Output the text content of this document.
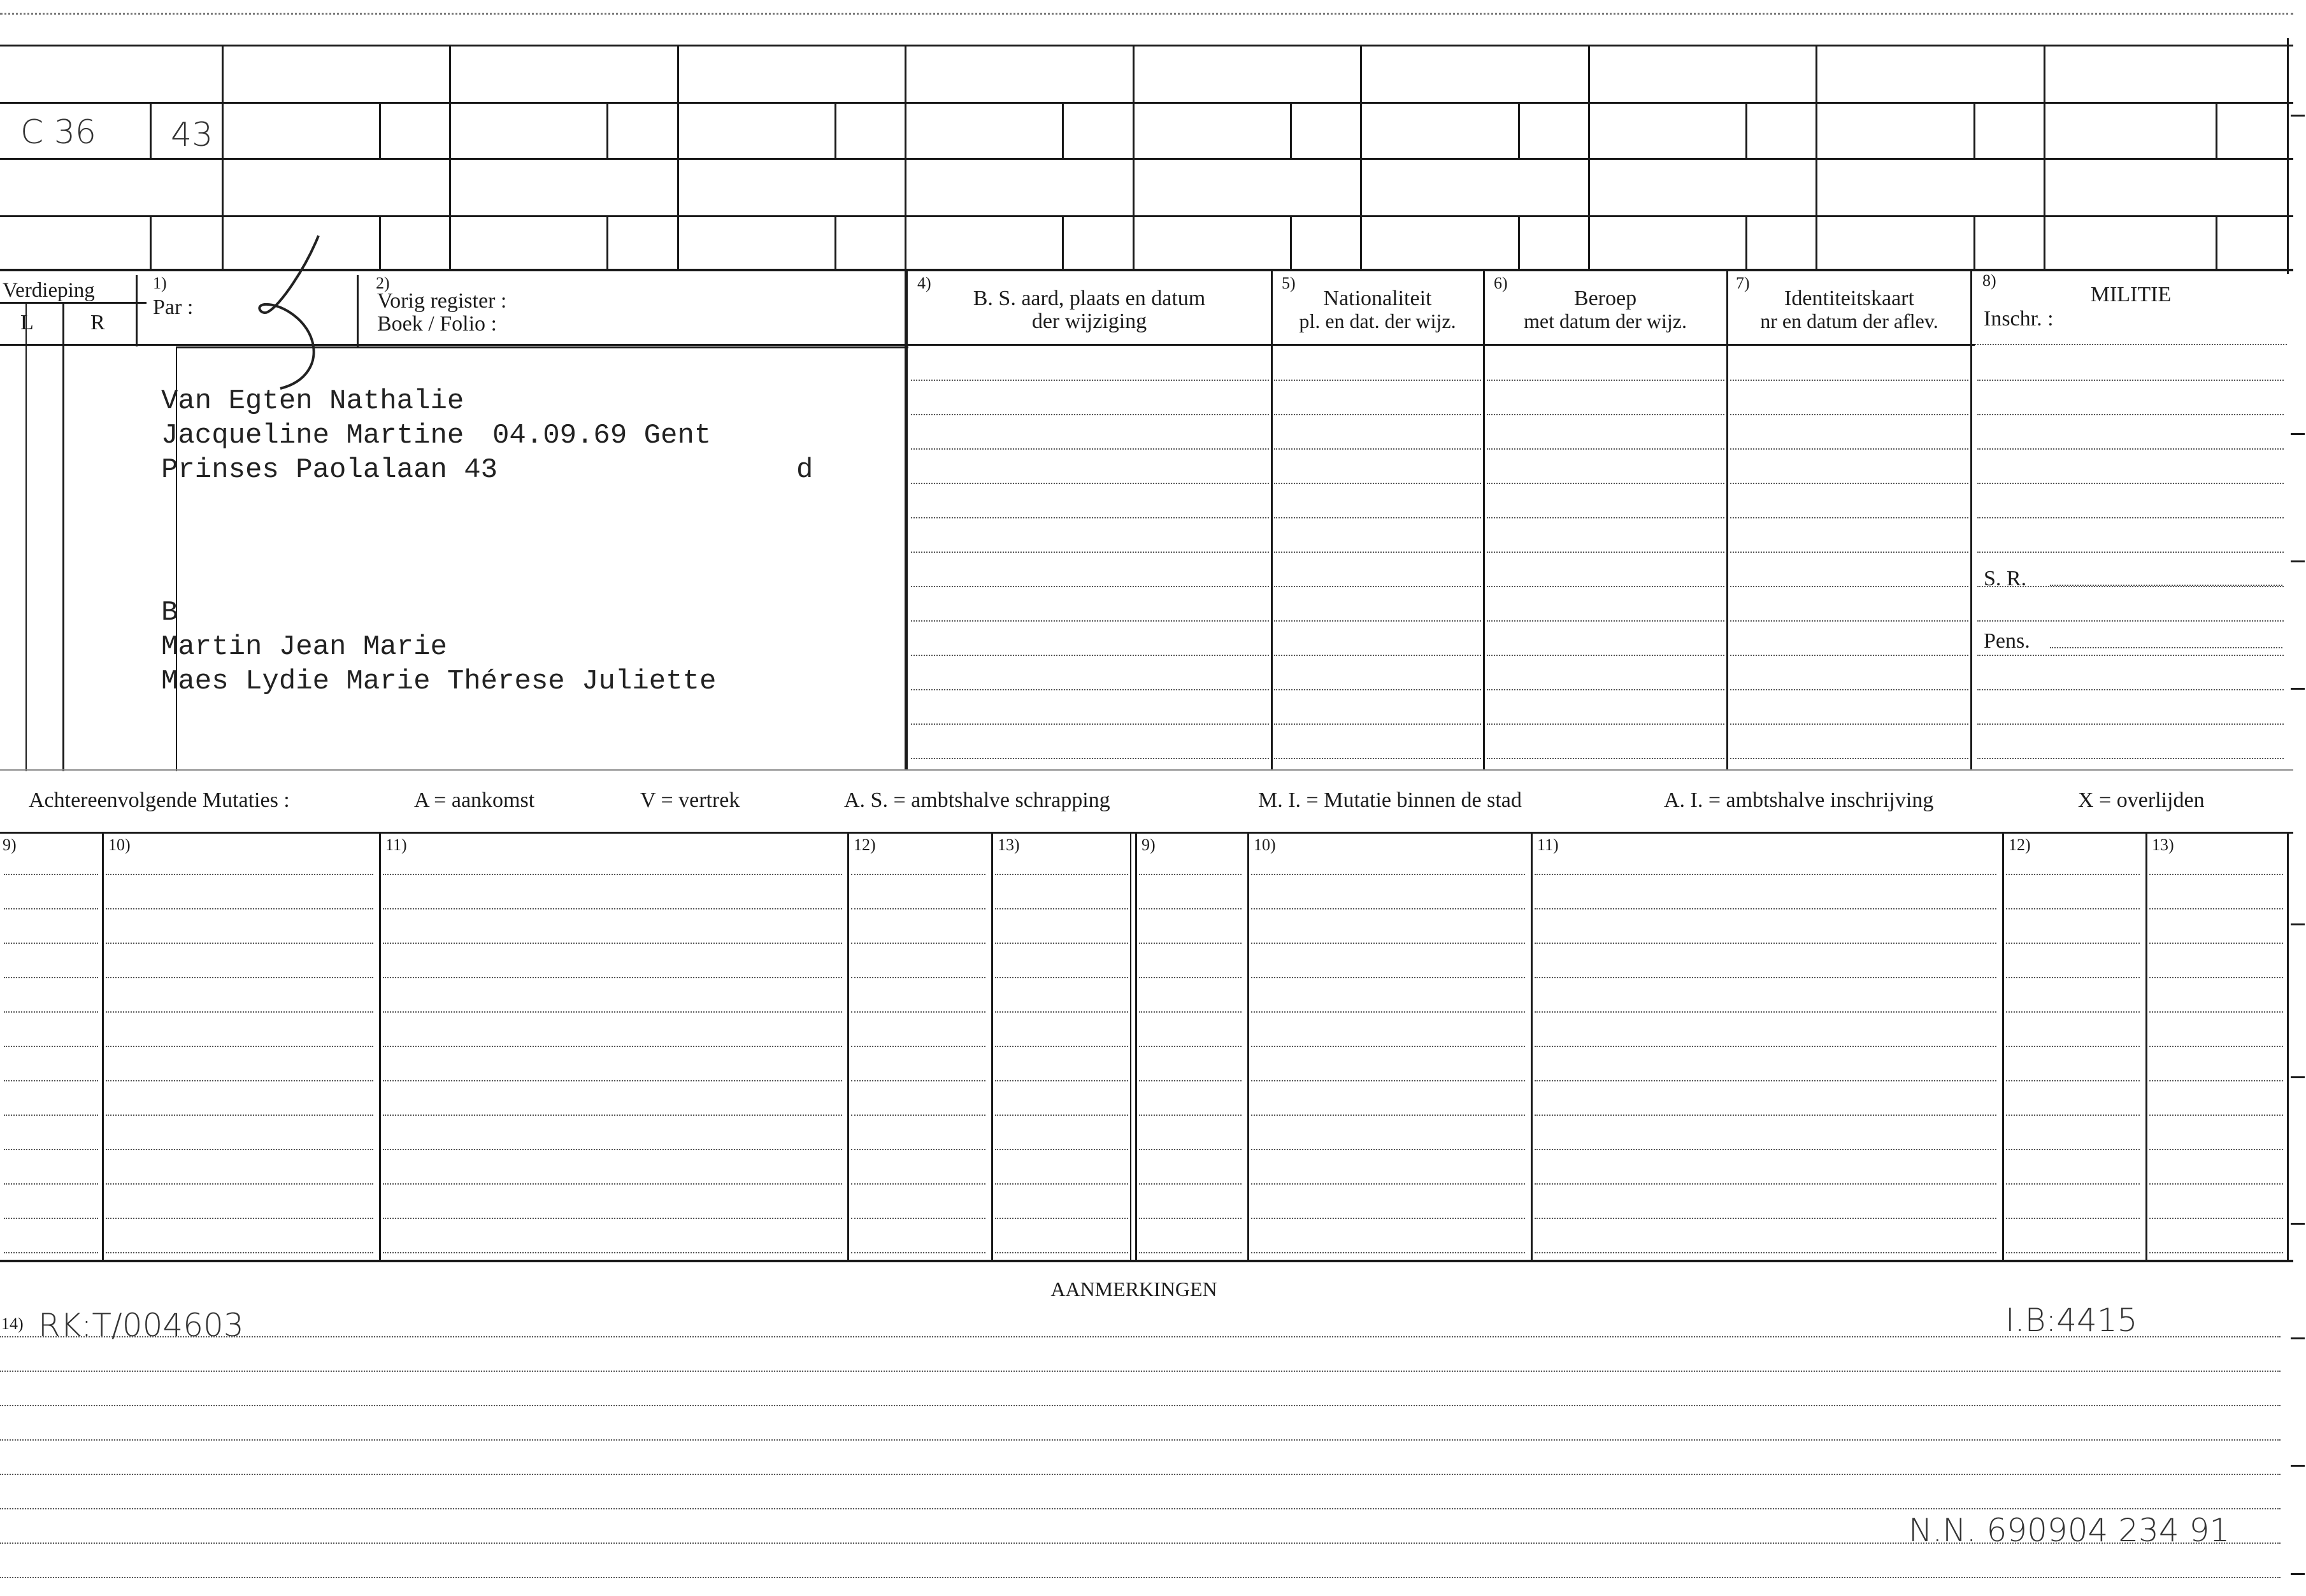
C 36 43
Verdieping
L	R
1)
Par :
2)
Vorig register :
Boek / Folio :
4)
B. S. aard, plaats en datum
der wijziging
5)
Nationaliteit
pl. en dat. der wijz.
6)
Beroep
met datum der wijz.
7)
Identiteitskaart
nr en datum der aflev.
8)
MILITIE
Inschr. :
Van Egten Nathalie
Jacqueline Martine 04.09.69 Gent
Prinses Paolalaan 43	d
B
Martin Jean Marie
Maes Lydie Marie Thérese Juliette
S. R.
Pens.
Achtereenvolgende Mutaties :	A = aankomst	V = vertrek	A. S. = ambtshalve schrapping	M. I. = Mutatie binnen de stad	A. I. = ambtshalve inschrijving	X = overlijden
9)	10)	11)	12)	13)	9)	10)	11)	12)	13)
AANMERKINGEN
14) RK:T/004603	I.B:4415
N.N. 690904 234 91
